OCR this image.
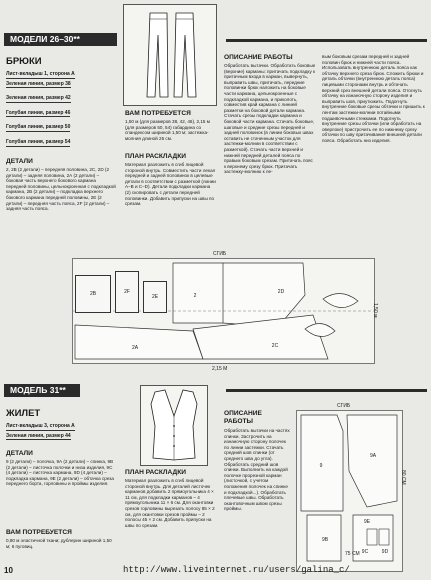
МОДЕЛИ 26–30**
БРЮКИ
Лист-вкладыш 1, сторона А
Зеленая линия, размер 38
Зеленая линия, размер 42
Голубая линия, размер 46
Голубая линия, размер 50
Голубая линия, размер 54
ДЕТАЛИ
2, 2В (2 детали) – передняя половина, 2С, 2D (2 детали) – задняя половина, 2А (2 детали) – боковая часть верхнего бокового кармана передней половины, цельнокроенная с подкладкой кармана, 2В (2 детали) – подкладка верхнего бокового кармана передней половины, 2Е (2 детали) – передняя часть пояса, 2F (2 детали) – задняя часть пояса.
ВАМ ПОТРЕБУЕТСЯ
1,50 м (для размеров 38, 42, 46), 2,15 м (для размеров 50, 54) габардина со спандексом шириной 1,50 м; застежка-молния длиной 25 см.
ПЛАН РАСКЛАДКИ
Материал разложить в сгиб лицевой стороной внутрь. Совместить части лекал передней и задней половинок в целевые детали в соответствии с разметкой (линии А–В и С–D). Детали подкладки кармана (2) скопировать с детали передней половинки. Добавить припуски на швы по срезам.
ОПИСАНИЕ РАБОТЫ
Обработать вытачки. Обработать боковые (верхние) карманы: притачать подкладку к притачным входа в карман, вывернуть, выправить швы, притачать, передние половинки брюк наложить на боковые части кармана, цельнокроенные с подкладкой кармана, и приколоть, совместив край кармана с линией разметки на боковой детали кармана. Стачать срезы подкладки кармана и боковой части кармана. Стачать боковые, шаговые и средние срезы передней и задней половинок (в линии боковых швах оставить не стаченным участок для застежки-молнии в соответствии с разметкой). Стачать части верхней и нижней передней деталей пояса по правым боковым срезам. Притачать пояс к верхнему срезу брюк. Притачать застежку-молнию к ле-
вым боковым срезам передней и задней половин брюк и нижней части пояса. Использовать внутреннюю деталь пояса как обтачку верхнего среза брюк. Сложить брюки и деталь обтачки (внутреннюю деталь пояса) лицевыми сторонами внутрь и обтачать верхний срез внешней детали пояса. Отогнуть обтачку на изнаночную сторону изделия и выправить шов, приутюжить. Подогнуть внутренние боковые срезы обтачки и пришить к лентам застежки-молнии потайными подшивочными стежками. Подогнуть внутренние срезы обтачки (или обработать на оверлоке) пристрочить ее по нижнему срезу обтачки по шву притачивания внешней детали пояса. Обработать низ изделия.
СГИБ
2В	2F
2
2Е
2D
2С
2А
1,50 м
2,15 М
МОДЕЛЬ 31**
ЖИЛЕТ
Лист-вкладыш 3, сторона А
Зеленая линия, размер 44
ДЕТАЛИ
9 (2 детали) – полочка, 9А (2 детали) – спинка, 9В (2 детали) – листочка полочки и низа изделия, 9С (4 детали) – листочка кармана, 9D (4 детали) – подкладка кармана, 9Е (2 детали) – обтачка среза переднего борта, горловины и проймы изделия.
ВАМ ПОТРЕБУЕТСЯ
0,80 м эластичной ткани; дублерин шириной 1,50 м; 6 пуговиц.
ПЛАН РАСКЛАДКИ
Материал разложить в сгиб лицевой стороной внутрь. Для деталей листочек карманов добавить 2 прямоугольника 4 × 11 см, для подкладки карманов – 4 прямоугольника 11 × 6 см. Для окантовки срезов горловины вырезать полосу 85 × 2 см, для окантовки срезов проймы – 2 полосы 45 × 2 см. Добавить припуски на швы по срезам.
ОПИСАНИЕ РАБОТЫ
Обработать вытачки на частях спинки. Застрочить на изнаночную сторону полочек по линии застежки. Стачать средний шов спинки (от среднего шва до угла). Обработать средний шов спинки. Выполнить на каждой полочке прорезной карман (листочкой, с учетом положения полочек на спинке и подкладкой...). Обработать плечевые швы. Обработать окантовочным швом срезы проймы.
СГИБ
9
9А
9В
9С	9D
9Е
80 СМ
75 СМ
10	http://www.liveinternet.ru/users/galina_c/
